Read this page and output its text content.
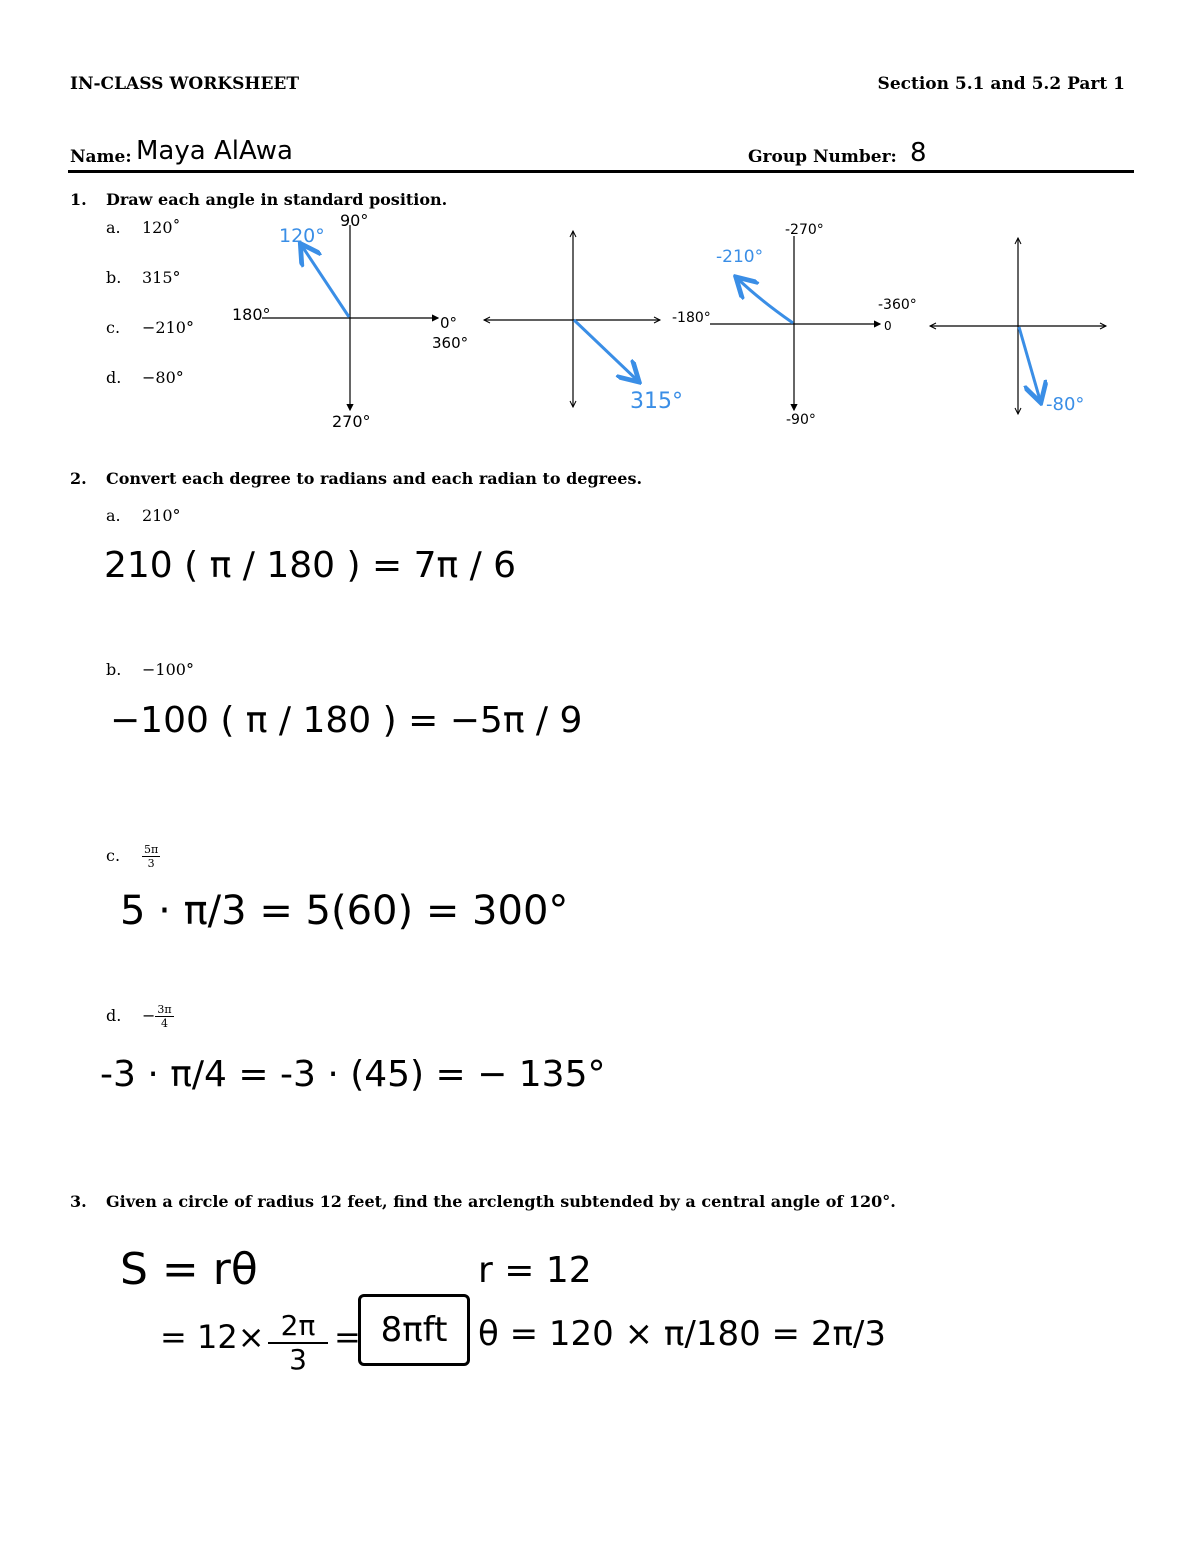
IN-CLASS WORKSHEET	Section 5.1 and 5.2 Part 1
Name: Maya AlAwa	Group Number: 8
1. Draw each angle in standard position.
a. 120˚
b. 315°
c. −210°
d. −80°
120°
90°
180°	0°
360°
270°
315°
-210°
-270°
-180°
-360°
0
-90°
-80°
2. Convert each degree to radians and each radian to degrees.
a. 210°
210 ( π / 180 ) = 7π / 6
b. −100°
−100 ( π / 180 ) = −5π / 9
c. $\frac{5\pi}{3}$
5 · π/3 = 5(60) = 300°
d. − $\frac{3\pi}{4}$
-3 · π/4 = -3 · (45) = − 135°
3. Given a circle of radius 12 feet, find the arclength subtended by a central angle of 120°.
S = rθ	r = 12
= 12× 2π
3
= 8πft θ = 120 × π/180 = 2π/3
